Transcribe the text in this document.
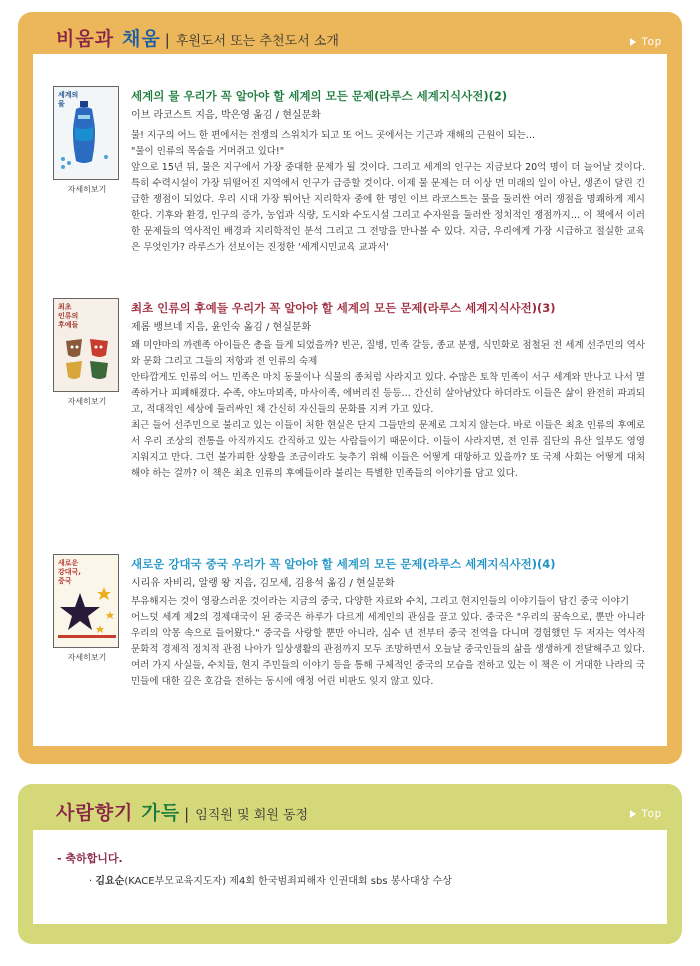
비움과 채움 | 후원도서 또는 추천도서 소개	Top
세계의
물
자세히보기
세계의 물 우리가 꼭 알아야 할 세계의 모든 문제(라루스 세계지식사전)(2)
이브 라코스트 지음, 박은영 옮김 / 현실문화

물! 지구의 어느 한 편에서는 전쟁의 스위치가 되고 또 어느 곳에서는 기근과 재해의 근원이 되는…

"물이 인류의 목숨을 거머쥐고 있다!"

앞으로 15년 뒤, 물은 지구에서 가장 중대한 문제가 될 것이다. 그리고 세계의 인구는 지금보다 20억 명이 더 늘어날 것이다. 특히 수력시설이 가장 뒤떨어진 지역에서 인구가 급증할 것이다. 이제 물 문제는 더 이상 먼 미래의 일이 아닌, 생존이 달린 긴급한 쟁점이 되었다. 우리 시대 가장 뛰어난 지리학자 중에 한 명인 이브 라코스트는 물을 둘러싼 여러 쟁점을 명쾌하게 제시한다. 기후와 환경, 인구의 증가, 농업과 식량, 도시와 수도시설 그리고 수자원을 둘러싼 정치적인 쟁점까지… 이 책에서 이러한 문제들의 역사적인 배경과 지리학적인 분석 그리고 그 전망을 만나볼 수 있다. 지금, 우리에게 가장 시급하고 절실한 교육은 무엇인가? 라루스가 선보이는 진정한 '세계시민교육 교과서'

최초
인류의
후예들
자세히보기
최초 인류의 후예들 우리가 꼭 알아야 할 세계의 모든 문제(라루스 세계지식사전)(3)
제롬 뱅브네 지음, 윤인숙 옮김 / 현실문화

왜 미얀마의 까렌족 아이들은 총을 들게 되었을까? 빈곤, 질병, 민족 갈등, 종교 분쟁, 식민화로 점철된 전 세계 선주민의 역사와 문화 그리고 그들의 저항과 전 인류의 숙제

안타깝게도 인류의 어느 민족은 마치 동물이나 식물의 종처럼 사라지고 있다. 수많은 토착 민족이 서구 세계와 만나고 나서 멸족하거나 피폐해졌다. 수족, 야노마뫼족, 마사이족, 에버리진 등등… 간신히 살아남았다 하더라도 이들은 삶이 완전히 파괴되고, 적대적인 세상에 둘러싸인 채 간신히 자신들의 문화를 지켜 가고 있다.

최근 들어 선주민으로 불리고 있는 이들이 처한 현실은 단지 그들만의 문제로 그치지 않는다. 바로 이들은 최초 인류의 후예로서 우리 조상의 전통을 아직까지도 간직하고 있는 사람들이기 때문이다. 이들이 사라지면, 전 인류 집단의 유산 일부도 영영 지워지고 만다. 그런 불가피한 상황을 조금이라도 늦추기 위해 이들은 어떻게 대항하고 있을까? 또 국제 사회는 어떻게 대처해야 하는 걸까? 이 책은 최초 인류의 후예들이라 불리는 특별한 민족들의 이야기를 담고 있다.

새로운
강대국,
중국
자세히보기
새로운 강대국 중국 우리가 꼭 알아야 할 세계의 모든 문제(라루스 세계지식사전)(4)
시리유 자비리, 알랭 왕 지음, 김모세, 김용석 옮김 / 현실문화

부유해지는 것이 영광스러운 것이라는 지금의 중국, 다양한 자료와 수치, 그리고 현지인들의 이야기들이 담긴 중국 이야기

어느덧 세계 제2의 경제대국이 된 중국은 하루가 다르게 세계인의 관심을 끌고 있다. 중국은 "우리의 꿈속으로, 뿐만 아니라 우리의 악몽 속으로 들어왔다." 중국을 사랑할 뿐만 아니라, 십수 년 전부터 중국 전역을 다니며 경험했던 두 저자는 역사적 문화적 경제적 정치적 관점 나아가 일상생활의 관점까지 모두 조망하면서 오늘날 중국인들의 삶을 생생하게 전달해주고 있다. 여러 가지 사실들, 수치들, 현지 주민들의 이야기 등을 통해 구체적인 중국의 모습을 전하고 있는 이 책은 이 거대한 나라의 국민들에 대한 깊은 호감을 전하는 동시에 애정 어린 비판도 잊지 않고 있다.

사람향기 가득 | 임직원 및 회원 동정	Top
- 축하합니다.
· 김요순(KACE부모교육지도자) 제4회 한국범죄피해자 인권대회 sbs 봉사대상 수상
